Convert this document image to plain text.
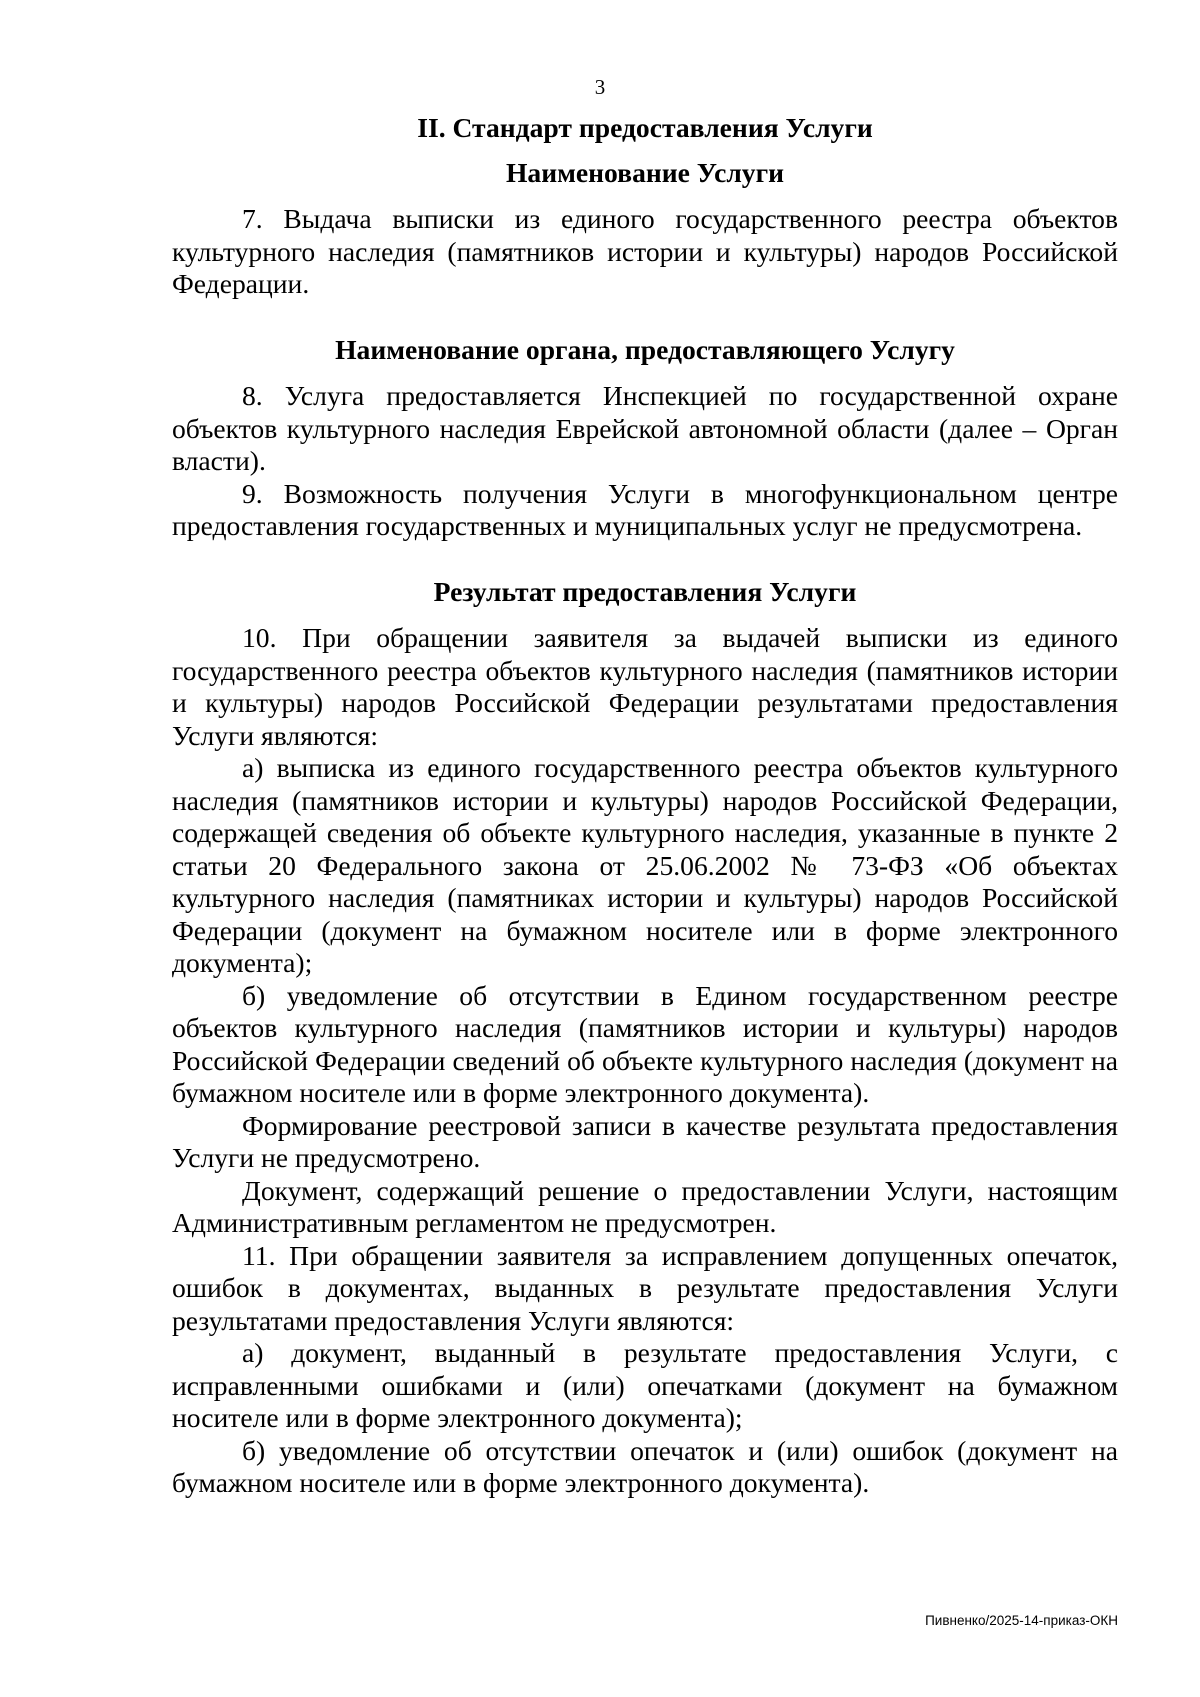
3

II. Стандарт предоставления Услуги

Наименование Услуги

7. Выдача выписки из единого государственного реестра объектов культурного наследия (памятников истории и культуры) народов Российской Федерации.

Наименование органа, предоставляющего Услугу

8. Услуга предоставляется Инспекцией по государственной охране объектов культурного наследия Еврейской автономной области (далее – Орган власти).

9. Возможность получения Услуги в многофункциональном центре предоставления государственных и муниципальных услуг не предусмотрена.

Результат предоставления Услуги

10. При обращении заявителя за выдачей выписки из единого государственного реестра объектов культурного наследия (памятников истории и культуры) народов Российской Федерации результатами предоставления Услуги являются:

а) выписка из единого государственного реестра объектов культурного наследия (памятников истории и культуры) народов Российской Федерации, содержащей сведения об объекте культурного наследия, указанные в пункте 2 статьи 20 Федерального закона от 25.06.2002 № 73-ФЗ «Об объектах культурного наследия (памятниках истории и культуры) народов Российской Федерации (документ на бумажном носителе или в форме электронного документа);

б) уведомление об отсутствии в Едином государственном реестре объектов культурного наследия (памятников истории и культуры) народов Российской Федерации сведений об объекте культурного наследия (документ на бумажном носителе или в форме электронного документа).

Формирование реестровой записи в качестве результата предоставления Услуги не предусмотрено.

Документ, содержащий решение о предоставлении Услуги, настоящим Административным регламентом не предусмотрен.

11. При обращении заявителя за исправлением допущенных опечаток, ошибок в документах, выданных в результате предоставления Услуги результатами предоставления Услуги являются:

а) документ, выданный в результате предоставления Услуги, с исправленными ошибками и (или) опечатками (документ на бумажном носителе или в форме электронного документа);

б) уведомление об отсутствии опечаток и (или) ошибок (документ на бумажном носителе или в форме электронного документа).

Пивненко/2025-14-приказ-ОКН
